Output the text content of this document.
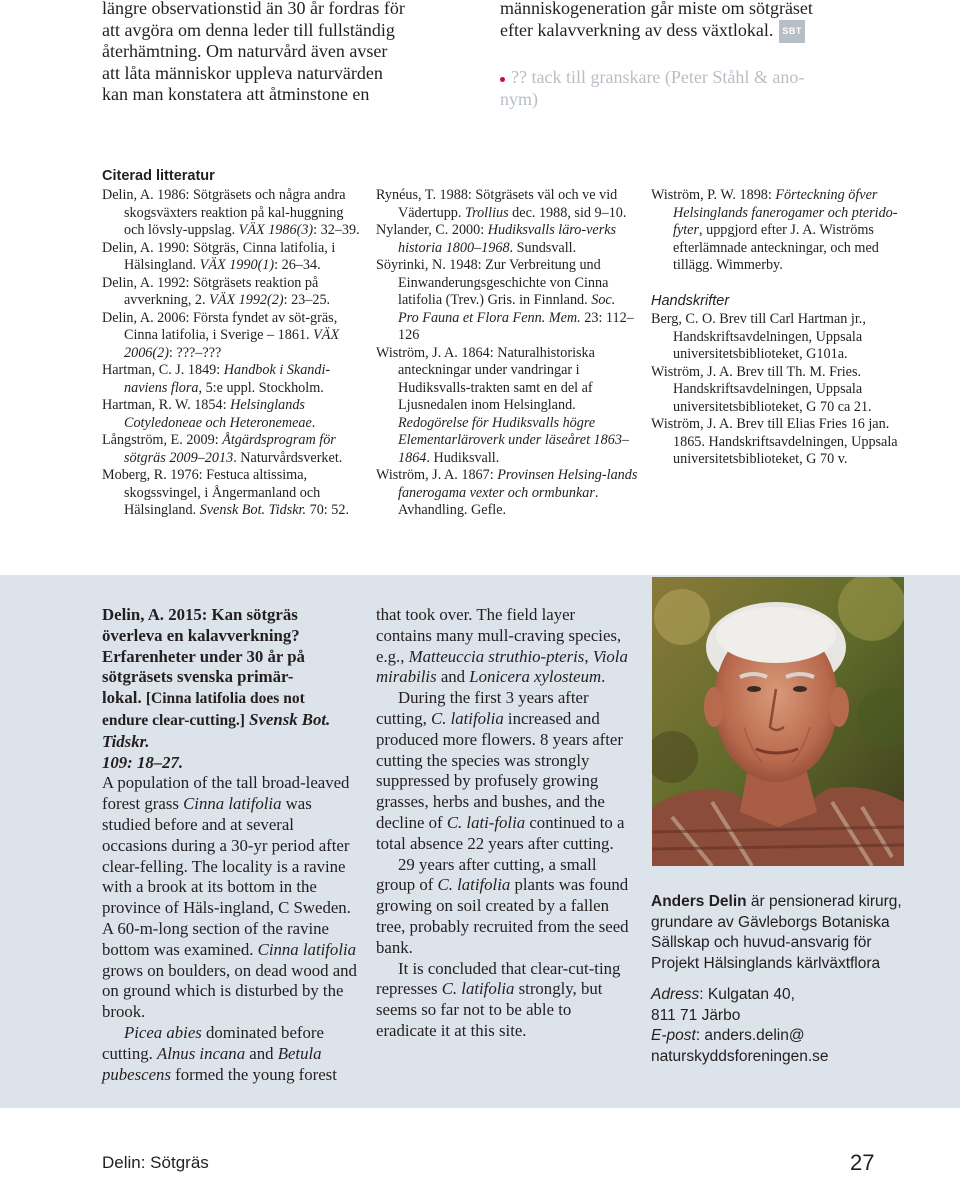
längre observationstid än 30 år fordras för
att avgöra om denna leder till fullständig
återhämtning. Om naturvård även avser
att låta människor uppleva naturvärden
kan man konstatera att åtminstone en
människogeneration går miste om sötgräset
efter kalavverkning av dess växtlokal. SBT
?? tack till granskare (Peter Ståhl & ano-
nym)
Citerad litteratur

Delin, A. 1986: Sötgräsets och några andra skogsväxters reaktion på kal-huggning och lövsly-uppslag. VÄX 1986(3): 32–39.

Delin, A. 1990: Sötgräs, Cinna latifolia, i Hälsingland. VÄX 1990(1): 26–34.

Delin, A. 1992: Sötgräsets reaktion på avverkning, 2. VÄX 1992(2): 23–25.

Delin, A. 2006: Första fyndet av söt-gräs, Cinna latifolia, i Sverige – 1861. VÄX 2006(2): ???–???

Hartman, C. J. 1849: Handbok i Skandi-naviens flora, 5:e uppl. Stockholm.

Hartman, R. W. 1854: Helsinglands Cotyledoneae och Heteronemeae.

Långström, E. 2009: Åtgärdsprogram för sötgräs 2009–2013. Naturvårdsverket.

Moberg, R. 1976: Festuca altissima, skogssvingel, i Ångermanland och Hälsingland. Svensk Bot. Tidskr. 70: 52.

Rynéus, T. 1988: Sötgräsets väl och ve vid Vädertupp. Trollius dec. 1988, sid 9–10.

Nylander, C. 2000: Hudiksvalls läro-verks historia 1800–1968. Sundsvall.

Söyrinki, N. 1948: Zur Verbreitung und Einwanderungsgeschichte von Cinna latifolia (Trev.) Gris. in Finnland. Soc. Pro Fauna et Flora Fenn. Mem. 23: 112–126

Wiström, J. A. 1864: Naturalhistoriska anteckningar under vandringar i Hudiksvalls-trakten samt en del af Ljusnedalen inom Helsingland. Redogörelse för Hudiksvalls högre Elementarläroverk under läseåret 1863–1864. Hudiksvall.

Wiström, J. A. 1867: Provinsen Helsing-lands fanerogama vexter och ormbunkar. Avhandling. Gefle.

Wiström, P. W. 1898: Förteckning öfver Helsinglands fanerogamer och pterido-fyter, uppgjord efter J. A. Wiströms efterlämnade anteckningar, och med tillägg. Wimmerby.

Handskrifter

Berg, C. O. Brev till Carl Hartman jr., Handskriftsavdelningen, Uppsala universitetsbiblioteket, G101a.

Wiström, J. A. Brev till Th. M. Fries. Handskriftsavdelningen, Uppsala universitetsbiblioteket, G 70 ca 21.

Wiström, J. A. Brev till Elias Fries 16 jan. 1865. Handskriftsavdelningen, Uppsala universitetsbiblioteket, G 70 v.

Delin, A. 2015: Kan sötgräs
överleva en kalavverkning?
Erfarenheter under 30 år på
sötgräsets svenska primär-
lokal. [Cinna latifolia does not
endure clear-cutting.] Svensk Bot. Tidskr.
109: 18–27.

A population of the tall broad-leaved forest grass Cinna latifolia was studied before and at several occasions during a 30-yr period after clear-felling. The locality is a ravine with a brook at its bottom in the province of Häls-ingland, C Sweden. A 60-m-long section of the ravine bottom was examined. Cinna latifolia grows on boulders, on dead wood and on ground which is disturbed by the brook.

Picea abies dominated before cutting. Alnus incana and Betula pubescens formed the young forest

that took over. The field layer contains many mull-craving species, e.g., Matteuccia struthio-pteris, Viola mirabilis and Lonicera xylosteum.

During the first 3 years after cutting, C. latifolia increased and produced more flowers. 8 years after cutting the species was strongly suppressed by profusely growing grasses, herbs and bushes, and the decline of C. lati-folia continued to a total absence 22 years after cutting.

29 years after cutting, a small group of C. latifolia plants was found growing on soil created by a fallen tree, probably recruited from the seed bank.

It is concluded that clear-cut-ting represses C. latifolia strongly, but seems so far not to be able to eradicate it at this site.

Anders Delin är pensionerad kirurg, grundare av Gävleborgs Botaniska Sällskap och huvud-ansvarig för Projekt Hälsinglands kärlväxtflora

Adress: Kulgatan 40,
811 71 Järbo

E-post: anders.delin@
naturskyddsforeningen.se

Delin: Sötgräs	27
